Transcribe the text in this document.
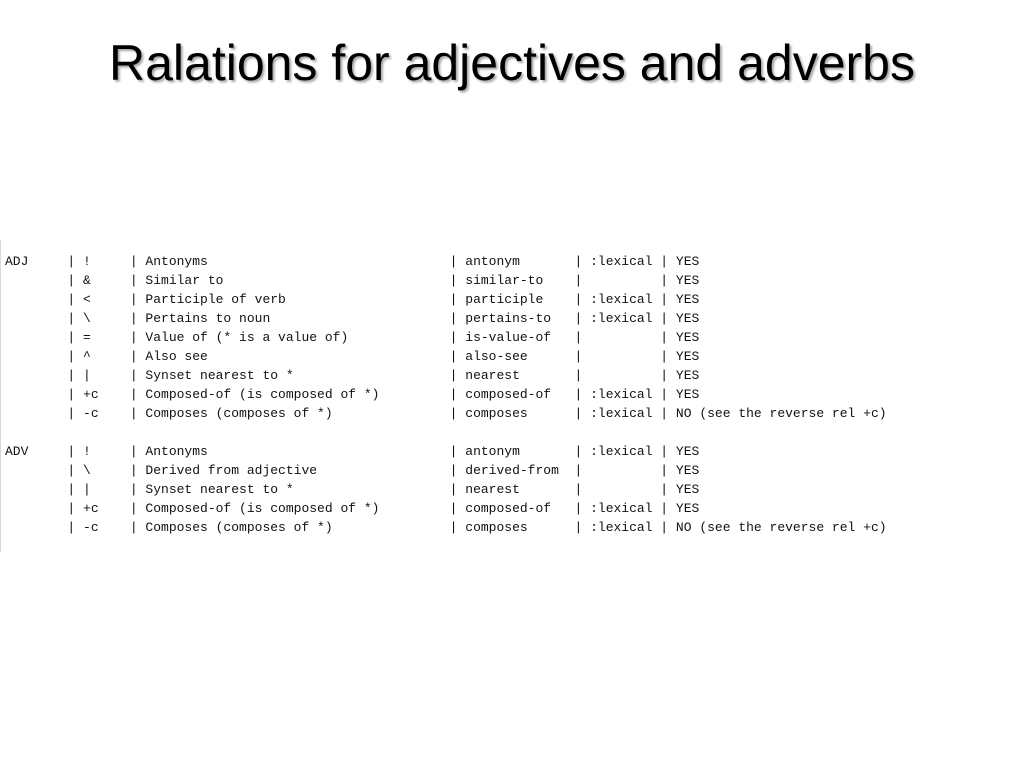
Ralations for adjectives and adverbs
ADJ     | !     | Antonyms                               | antonym       | :lexical | YES
| &     | Similar to                             | similar-to    |          | YES
| <     | Participle of verb                     | participle    | :lexical | YES
| \     | Pertains to noun                       | pertains-to   | :lexical | YES
| =     | Value of (* is a value of)             | is-value-of   |          | YES
| ^     | Also see                               | also-see      |          | YES
| |     | Synset nearest to *                    | nearest       |          | YES
| +c    | Composed-of (is composed of *)         | composed-of   | :lexical | YES
| -c    | Composes (composes of *)               | composes      | :lexical | NO (see the reverse rel +c)
ADV     | !     | Antonyms                               | antonym       | :lexical | YES
| \     | Derived from adjective                 | derived-from  |          | YES
| |     | Synset nearest to *                    | nearest       |          | YES
| +c    | Composed-of (is composed of *)         | composed-of   | :lexical | YES
| -c    | Composes (composes of *)               | composes      | :lexical | NO (see the reverse rel +c)
